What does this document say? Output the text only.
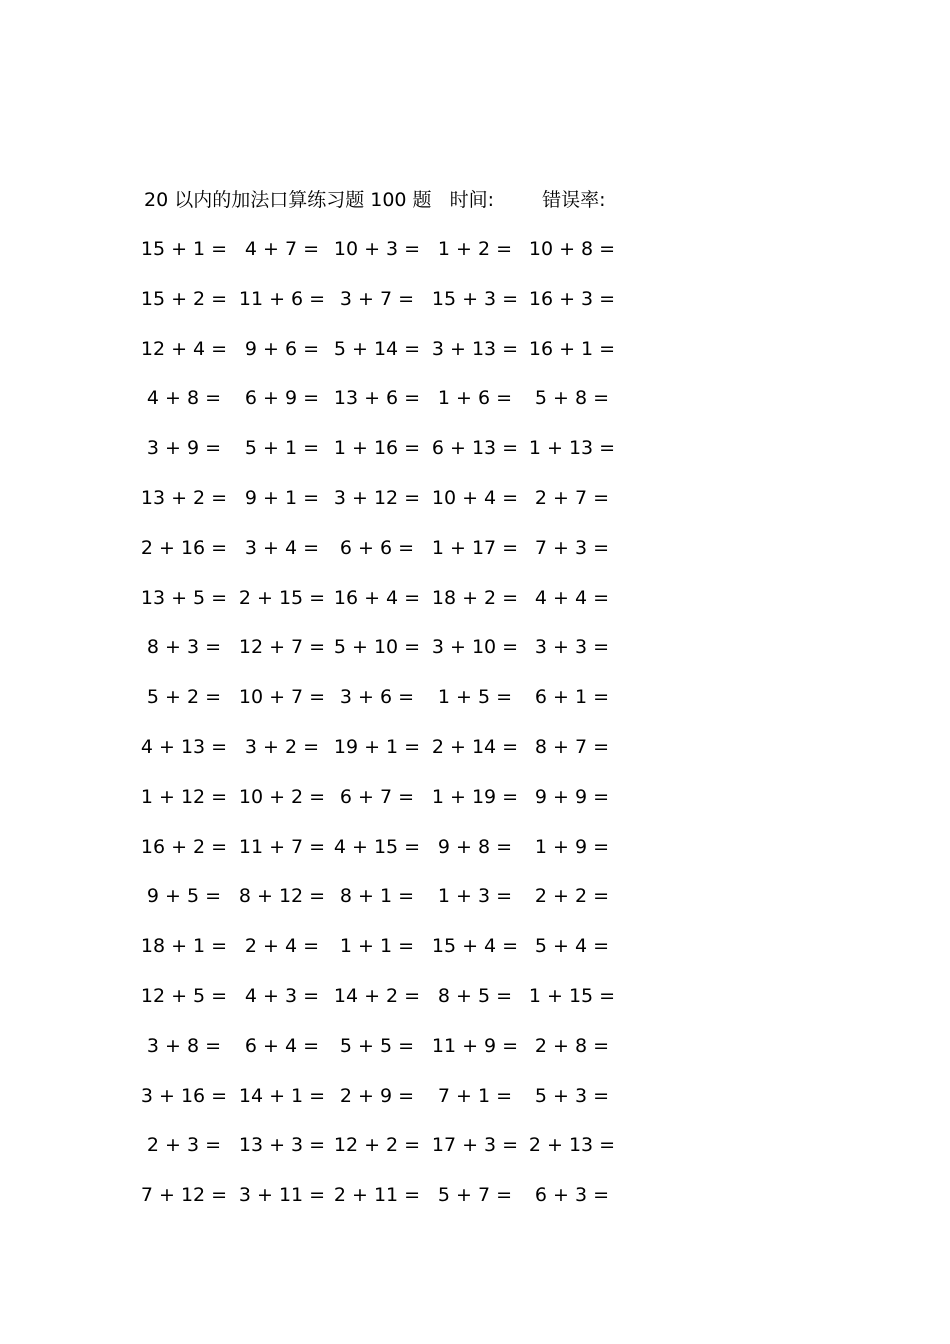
20 以内的加法口算练习题 100 题 时间:	错误率:
15 + 1 = 4 + 7 = 10 + 3 = 1 + 2 = 10 + 8 =
15 + 2 = 11 + 6 = 3 + 7 = 15 + 3 = 16 + 3 =
12 + 4 = 9 + 6 = 5 + 14 = 3 + 13 = 16 + 1 =
4 + 8 = 6 + 9 = 13 + 6 = 1 + 6 = 5 + 8 =
3 + 9 = 5 + 1 = 1 + 16 = 6 + 13 = 1 + 13 =
13 + 2 = 9 + 1 = 3 + 12 = 10 + 4 = 2 + 7 =
2 + 16 = 3 + 4 = 6 + 6 = 1 + 17 = 7 + 3 =
13 + 5 = 2 + 15 = 16 + 4 = 18 + 2 = 4 + 4 =
8 + 3 = 12 + 7 = 5 + 10 = 3 + 10 = 3 + 3 =
5 + 2 = 10 + 7 = 3 + 6 = 1 + 5 = 6 + 1 =
4 + 13 = 3 + 2 = 19 + 1 = 2 + 14 = 8 + 7 =
1 + 12 = 10 + 2 = 6 + 7 = 1 + 19 = 9 + 9 =
16 + 2 = 11 + 7 = 4 + 15 = 9 + 8 = 1 + 9 =
9 + 5 = 8 + 12 = 8 + 1 = 1 + 3 = 2 + 2 =
18 + 1 = 2 + 4 = 1 + 1 = 15 + 4 = 5 + 4 =
12 + 5 = 4 + 3 = 14 + 2 = 8 + 5 = 1 + 15 =
3 + 8 = 6 + 4 = 5 + 5 = 11 + 9 = 2 + 8 =
3 + 16 = 14 + 1 = 2 + 9 = 7 + 1 = 5 + 3 =
2 + 3 = 13 + 3 = 12 + 2 = 17 + 3 = 2 + 13 =
7 + 12 = 3 + 11 = 2 + 11 = 5 + 7 = 6 + 3 =
